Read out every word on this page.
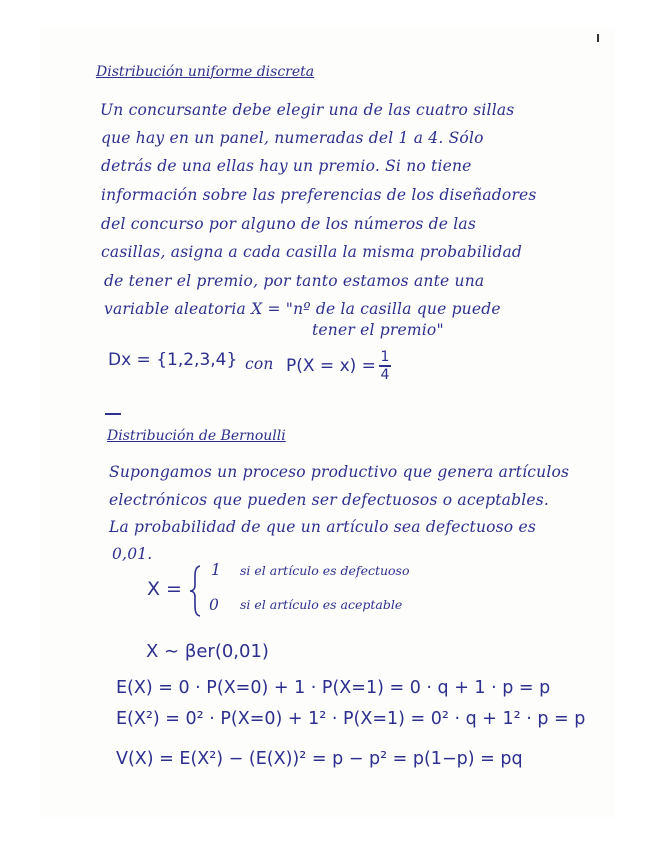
Distribución uniforme discreta
Un concursante debe elegir una de las cuatro sillas
que hay en un panel, numeradas del 1 a 4. Sólo
detrás de una ellas hay un premio. Si no tiene
información sobre las preferencias de los diseñadores
del concurso por alguno de los números de las
casillas, asigna a cada casilla la misma probabilidad
de tener el premio, por tanto estamos ante una
variable aleatoria X = "nº de la casilla que puede
tener el premio"
Dx = {1,2,3,4} con $P(X = x) = \frac{1}{4}$
Distribución de Bernoulli
Supongamos un proceso productivo que genera artículos
electrónicos que pueden ser defectuosos o aceptables.
La probabilidad de que un artículo sea defectuoso es
0,01.
X =
1 si el artículo es defectuoso
0 si el artículo es aceptable
X ∼ βer(0,01)
E(X) = 0 · P(X=0) + 1 · P(X=1) = 0 · q + 1 · p = p
E(X²) = 0² · P(X=0) + 1² · P(X=1) = 0² · q + 1² · p = p
V(X) = E(X²) − (E(X))² = p − p² = p(1−p) = pq
